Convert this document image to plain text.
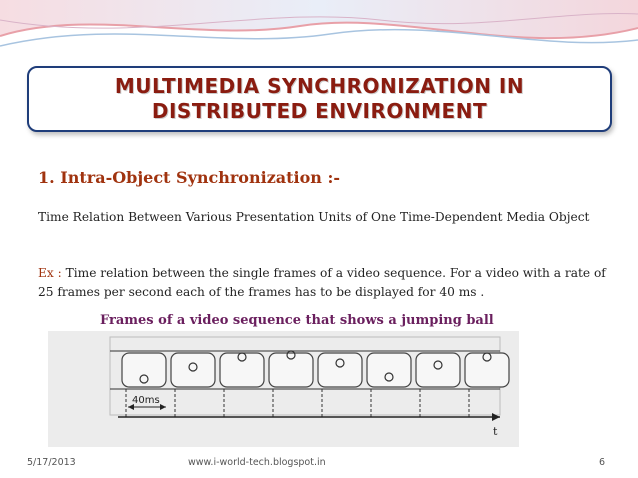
MULTIMEDIA SYNCHRONIZATION IN
DISTRIBUTED ENVIRONMENT
1. Intra-Object Synchronization :-
Time Relation Between Various Presentation Units of One Time-Dependent Media Object
Ex : Time relation between the single frames of a video sequence. For a video with a rate of 25 frames per second each of the frames has to be displayed for 40 ms .
Frames of a video sequence that shows a jumping ball
t
40ms
5/17/2013	www.i-world-tech.blogspot.in	6
